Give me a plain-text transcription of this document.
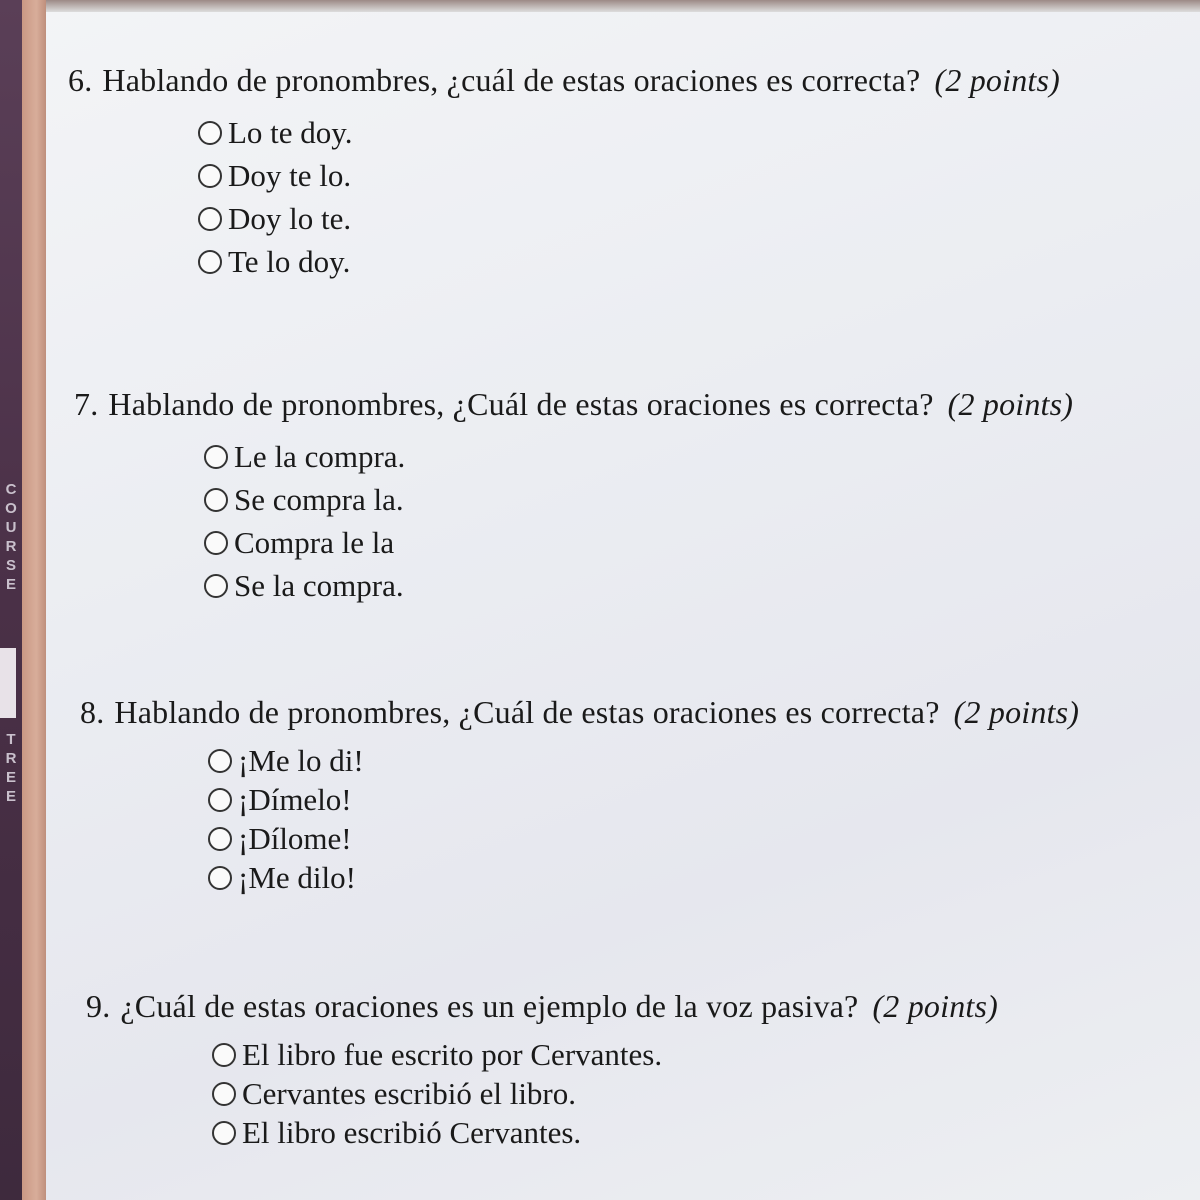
C
O
U
R
S
E
T
R
E
E
6. Hablando de pronombres, ¿cuál de estas oraciones es correcta? (2 points)
Lo te doy.
Doy te lo.
Doy lo te.
Te lo doy.
7. Hablando de pronombres, ¿Cuál de estas oraciones es correcta? (2 points)
Le la compra.
Se compra la.
Compra le la
Se la compra.
8. Hablando de pronombres, ¿Cuál de estas oraciones es correcta? (2 points)
¡Me lo di!
¡Dímelo!
¡Dílome!
¡Me dilo!
9. ¿Cuál de estas oraciones es un ejemplo de la voz pasiva? (2 points)
El libro fue escrito por Cervantes.
Cervantes escribió el libro.
El libro escribió Cervantes.
